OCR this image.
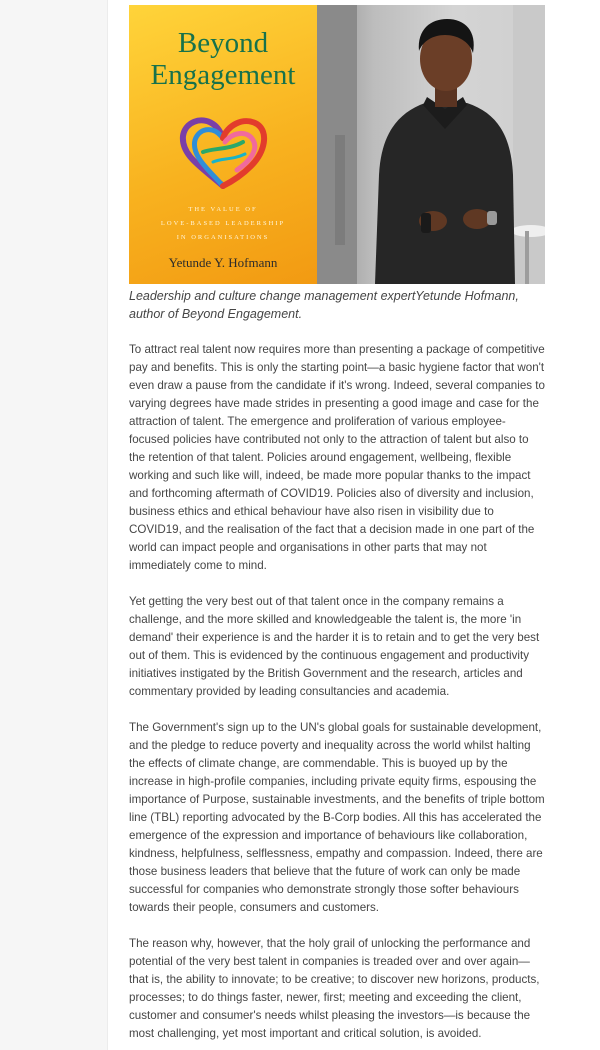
Beyond
Engagement
THE VALUE OF
LOVE-BASED LEADERSHIP
IN ORGANISATIONS
Yetunde Y. Hofmann
Leadership and culture change management expertYetunde Hofmann, author of Beyond Engagement.

To attract real talent now requires more than presenting a package of competitive pay and benefits. This is only the starting point—a basic hygiene factor that won't even draw a pause from the candidate if it's wrong. Indeed, several companies to varying degrees have made strides in presenting a good image and case for the attraction of talent. The emergence and proliferation of various employee-focused policies have contributed not only to the attraction of talent but also to the retention of that talent. Policies around engagement, wellbeing, flexible working and such like will, indeed, be made more popular thanks to the impact and forthcoming aftermath of COVID19. Policies also of diversity and inclusion, business ethics and ethical behaviour have also risen in visibility due to COVID19, and the realisation of the fact that a decision made in one part of the world can impact people and organisations in other parts that may not immediately come to mind.

Yet getting the very best out of that talent once in the company remains a challenge, and the more skilled and knowledgeable the talent is, the more 'in demand' their experience is and the harder it is to retain and to get the very best out of them. This is evidenced by the continuous engagement and productivity initiatives instigated by the British Government and the research, articles and commentary provided by leading consultancies and academia.

The Government's sign up to the UN's global goals for sustainable development, and the pledge to reduce poverty and inequality across the world whilst halting the effects of climate change, are commendable. This is buoyed up by the increase in high-profile companies, including private equity firms, espousing the importance of Purpose, sustainable investments, and the benefits of triple bottom line (TBL) reporting advocated by the B-Corp bodies. All this has accelerated the emergence of the expression and importance of behaviours like collaboration, kindness, helpfulness, selflessness, empathy and compassion. Indeed, there are those business leaders that believe that the future of work can only be made successful for companies who demonstrate strongly those softer behaviours towards their people, consumers and customers.

The reason why, however, that the holy grail of unlocking the performance and potential of the very best talent in companies is treaded over and over again—that is, the ability to innovate; to be creative; to discover new horizons, products, processes; to do things faster, newer, first; meeting and exceeding the client, customer and consumer's needs whilst pleasing the investors—is because the most challenging, yet most important and critical solution, is avoided.
